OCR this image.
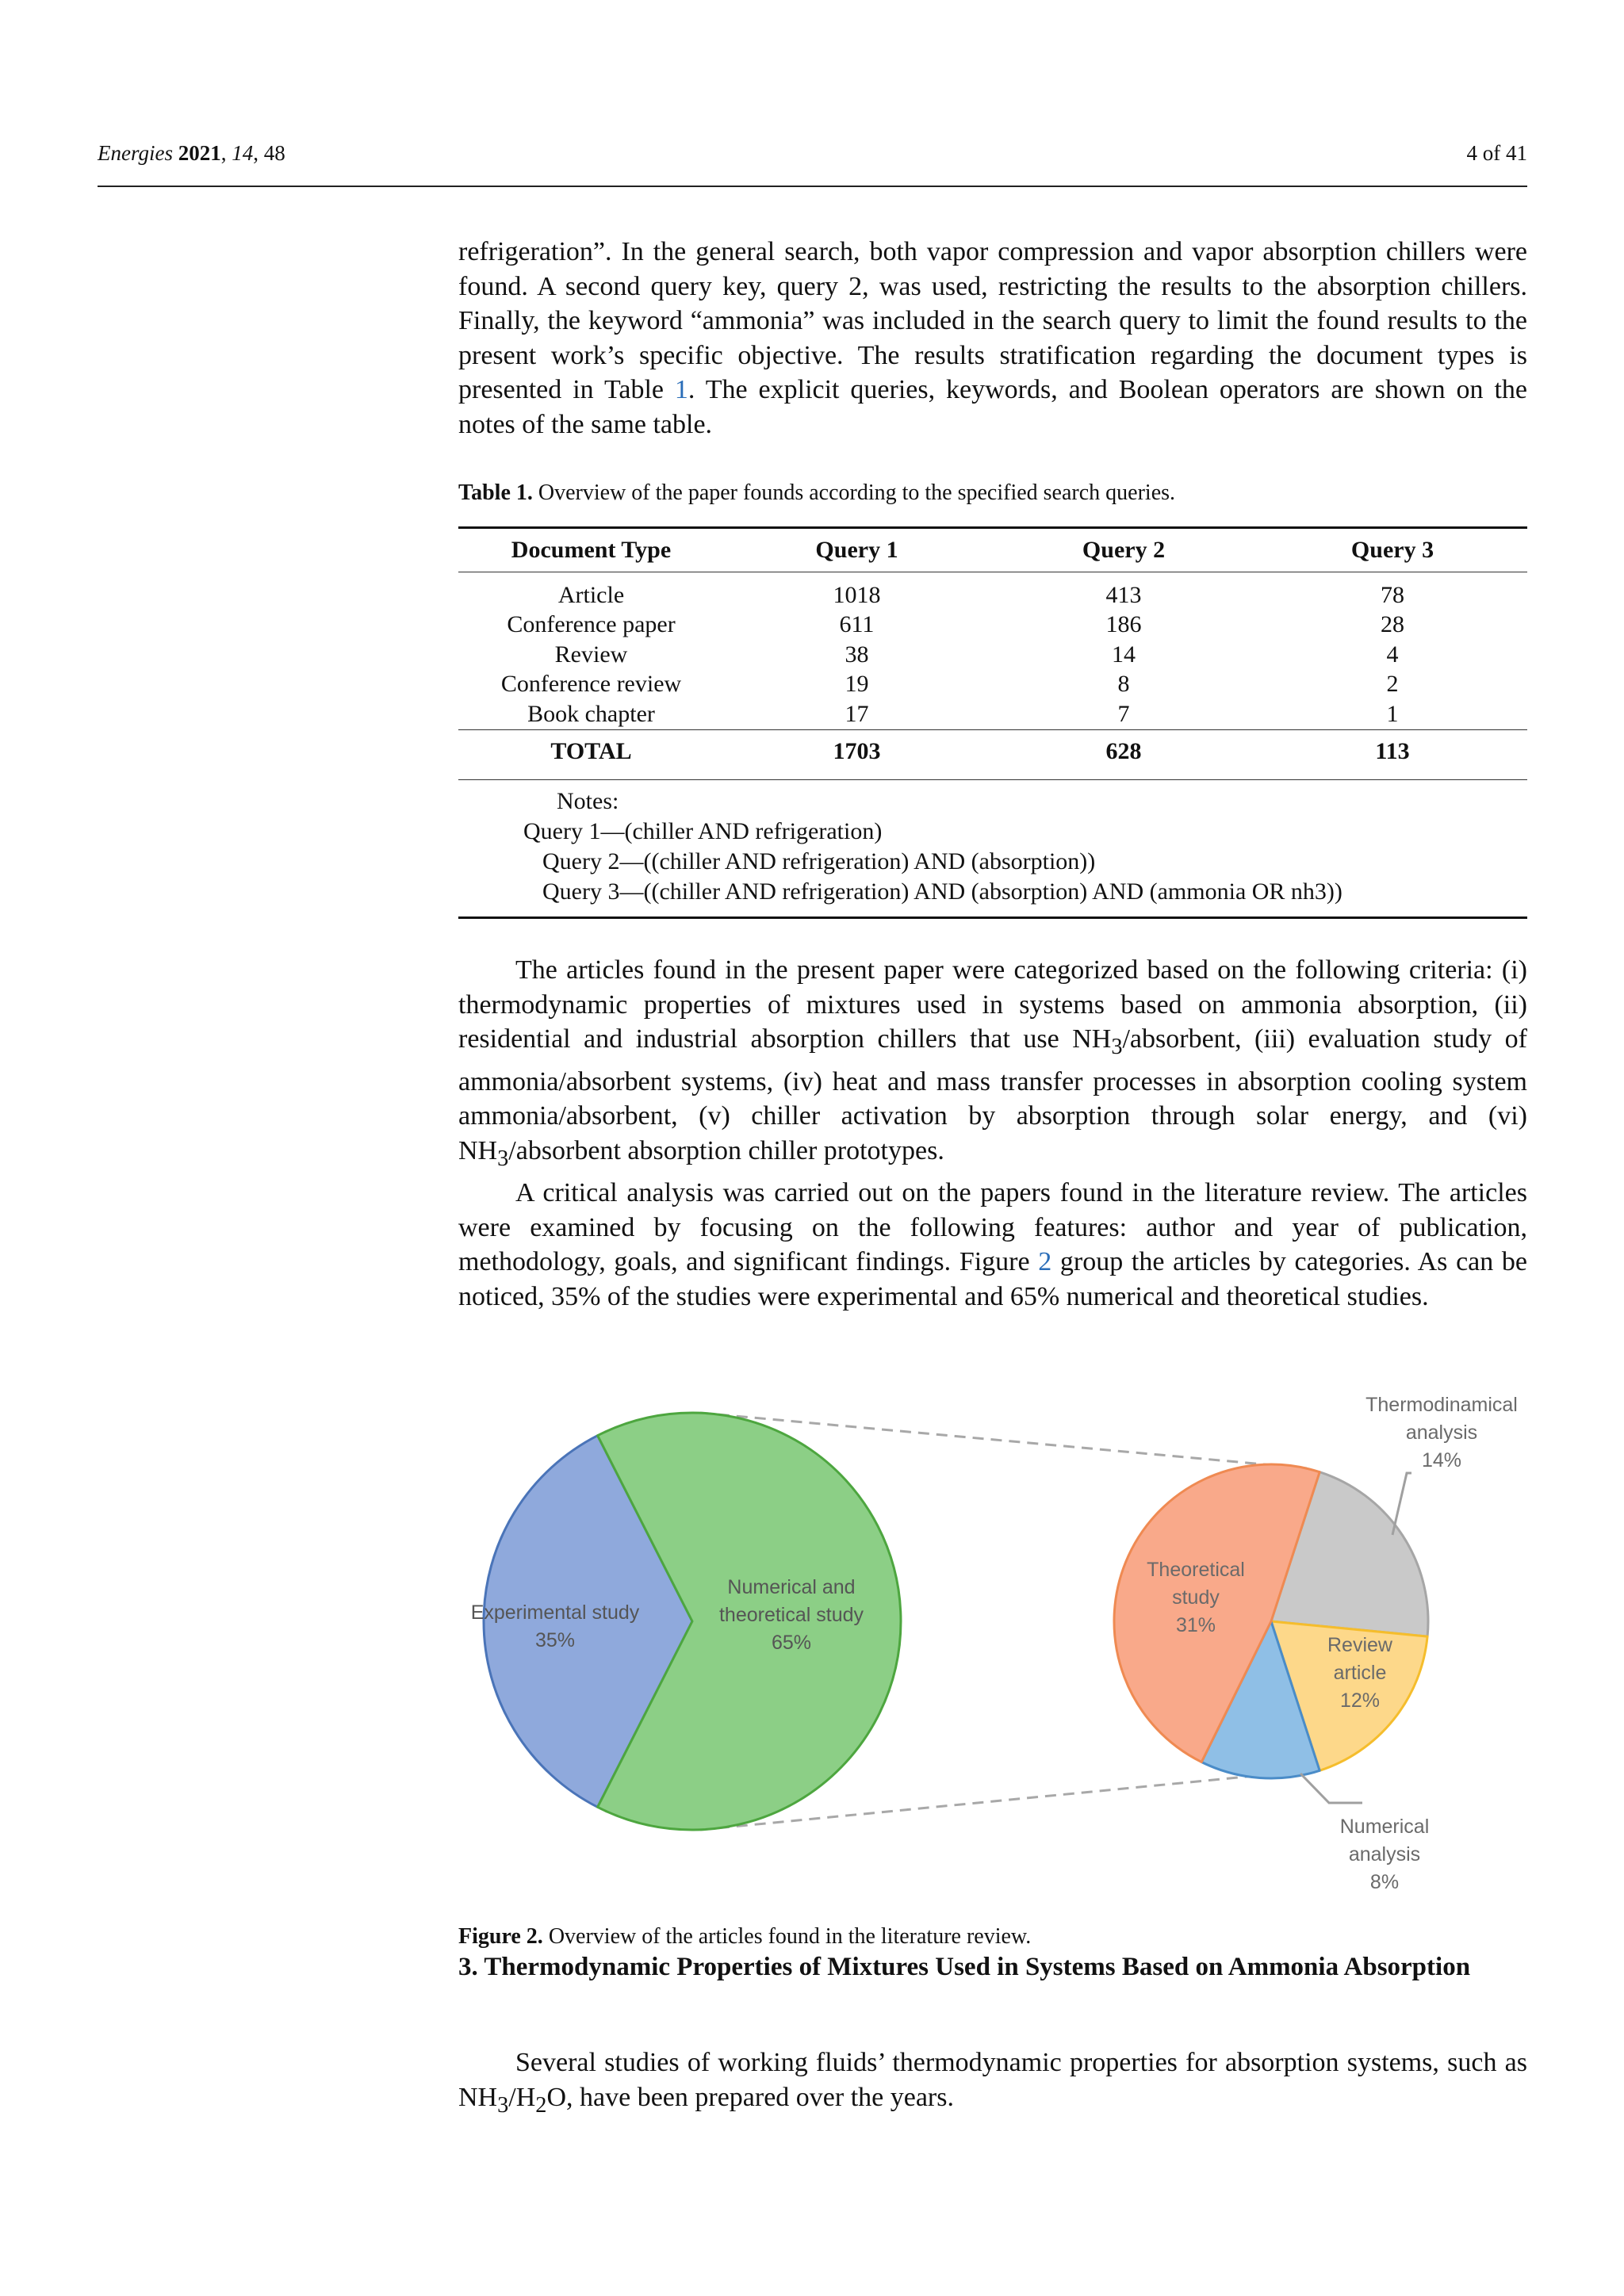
Energies 2021, 14, 48	4 of 41

refrigeration”. In the general search, both vapor compression and vapor absorption chillers were found. A second query key, query 2, was used, restricting the results to the absorption chillers. Finally, the keyword “ammonia” was included in the search query to limit the found results to the present work’s specific objective. The results stratification regarding the document types is presented in Table 1. The explicit queries, keywords, and Boolean operators are shown on the notes of the same table.

Table 1. Overview of the paper founds according to the specified search queries.

Document Type	Query 1	Query 2	Query 3
Article	1018	413	78
Conference paper	611	186	28
Review	38	14	4
Conference review	19	8	2
Book chapter	17	7	1
TOTAL	1703	628	113
Notes:
Query 1—(chiller AND refrigeration)
Query 2—((chiller AND refrigeration) AND (absorption))
Query 3—((chiller AND refrigeration) AND (absorption) AND (ammonia OR nh3))

The articles found in the present paper were categorized based on the following criteria: (i) thermodynamic properties of mixtures used in systems based on ammonia absorption, (ii) residential and industrial absorption chillers that use $NH_3$/absorbent, (iii) evaluation study of ammonia/absorbent systems, (iv) heat and mass transfer processes in absorption cooling system ammonia/absorbent, (v) chiller activation by absorption through solar energy, and (vi) $NH_3$/absorbent absorption chiller prototypes.

A critical analysis was carried out on the papers found in the literature review. The articles were examined by focusing on the following features: author and year of publication, methodology, goals, and significant findings. Figure 2 group the articles by categories. As can be noticed, 35% of the studies were experimental and 65% numerical and theoretical studies.

Experimental study
35%
Numerical and
theoretical study
65%
Theoretical
study
31%
Review
article
12%
Thermodinamical
analysis
14%
Numerical
analysis
8%

Figure 2. Overview of the articles found in the literature review.

3. Thermodynamic Properties of Mixtures Used in Systems Based on Ammonia Absorption

Several studies of working fluids’ thermodynamic properties for absorption systems, such as $NH_3/H_2O$, have been prepared over the years.
